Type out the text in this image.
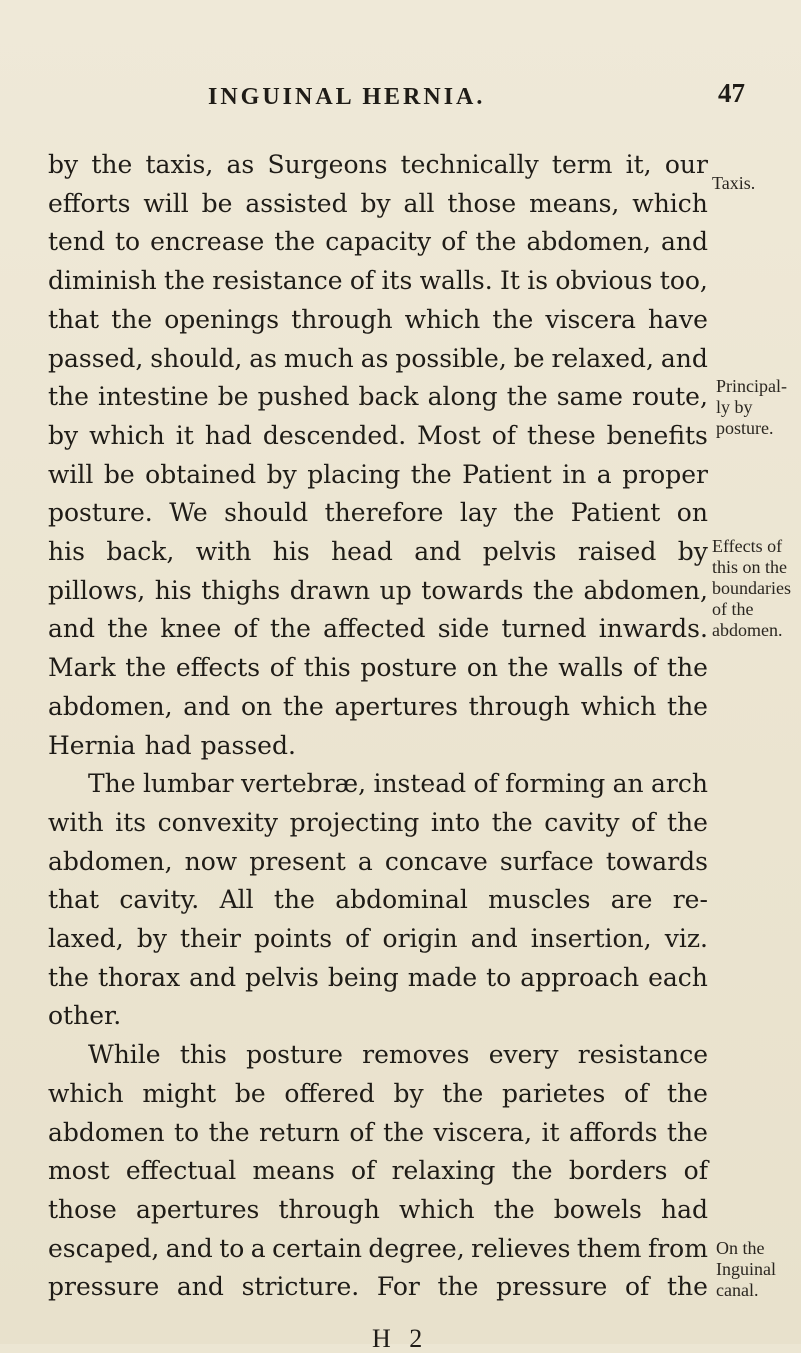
INGUINAL HERNIA.	47
by the taxis, as Surgeons technically term it, our
efforts will be assisted by all those means, which
tend to encrease the capacity of the abdomen, and
diminish the resistance of its walls. It is obvious too,
that the openings through which the viscera have
passed, should, as much as possible, be relaxed, and
the intestine be pushed back along the same route,
by which it had descended. Most of these benefits
will be obtained by placing the Patient in a proper
posture. We should therefore lay the Patient on
his back, with his head and pelvis raised by
pillows, his thighs drawn up towards the abdomen,
and the knee of the affected side turned inwards.
Mark the effects of this posture on the walls of the
abdomen, and on the apertures through which the
Hernia had passed.
The lumbar vertebræ, instead of forming an arch
with its convexity projecting into the cavity of the
abdomen, now present a concave surface towards
that cavity. All the abdominal muscles are re-
laxed, by their points of origin and insertion, viz.
the thorax and pelvis being made to approach each
other.
While this posture removes every resistance
which might be offered by the parietes of the
abdomen to the return of the viscera, it affords the
most effectual means of relaxing the borders of
those apertures through which the bowels had
escaped, and to a certain degree, relieves them from
pressure and stricture. For the pressure of the
Taxis.
Principal-
ly by
posture.
Effects of
this on the
boundaries
of the
abdomen.
On the
Inguinal
canal.
H 2
